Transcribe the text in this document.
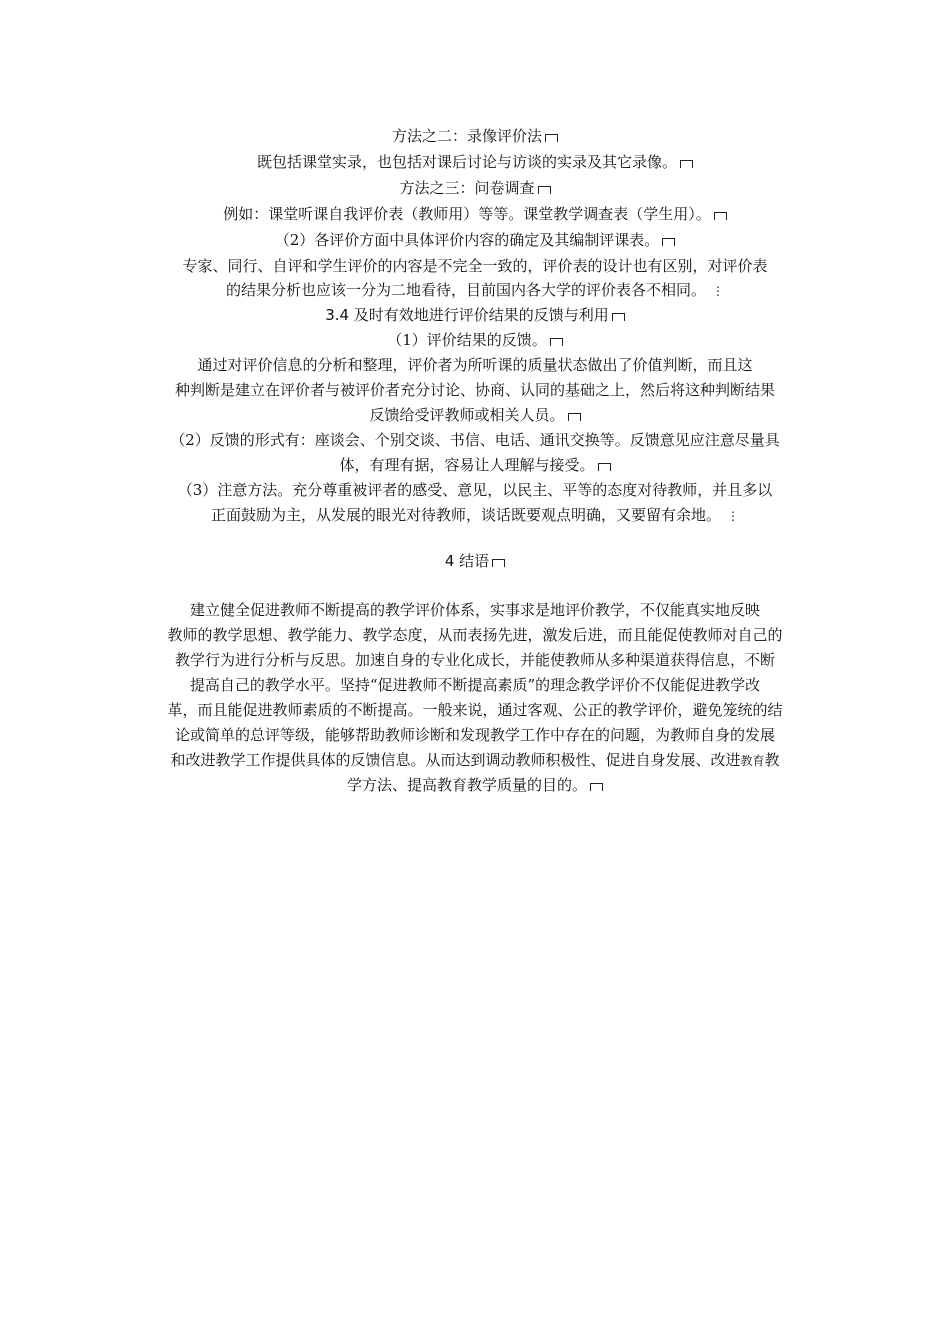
方法之二：录像评价法
既包括课堂实录，也包括对课后讨论与访谈的实录及其它录像。
方法之三：问卷调查
例如：课堂听课自我评价表（教师用）等等。课堂教学调查表（学生用）。
（2）各评价方面中具体评价内容的确定及其编制评课表。
专家、同行、自评和学生评价的内容是不完全一致的，评价表的设计也有区别，对评价表
的结果分析也应该一分为二地看待，目前国内各大学的评价表各不相同。 ⋮
3.4 及时有效地进行评价结果的反馈与利用
（1）评价结果的反馈。
通过对评价信息的分析和整理，评价者为所听课的质量状态做出了价值判断，而且这
种判断是建立在评价者与被评价者充分讨论、协商、认同的基础之上，然后将这种判断结果
反馈给受评教师或相关人员。
（2）反馈的形式有：座谈会、个别交谈、书信、电话、通讯交换等。反馈意见应注意尽量具
体，有理有据，容易让人理解与接受。
（3）注意方法。充分尊重被评者的感受、意见，以民主、平等的态度对待教师，并且多以
正面鼓励为主，从发展的眼光对待教师，谈话既要观点明确，又要留有余地。 ⋮
4 结语
建立健全促进教师不断提高的教学评价体系，实事求是地评价教学，不仅能真实地反映
教师的教学思想、教学能力、教学态度，从而表扬先进，激发后进，而且能促使教师对自己的
教学行为进行分析与反思。加速自身的专业化成长，并能使教师从多种渠道获得信息，不断
提高自己的教学水平。坚持“促进教师不断提高素质”的理念教学评价不仅能促进教学改
革，而且能促进教师素质的不断提高。一般来说，通过客观、公正的教学评价，避免笼统的结
论或简单的总评等级，能够帮助教师诊断和发现教学工作中存在的问题，为教师自身的发展
和改进教学工作提供具体的反馈信息。从而达到调动教师积极性、促进自身发展、改进教育教
学方法、提高教育教学质量的目的。
